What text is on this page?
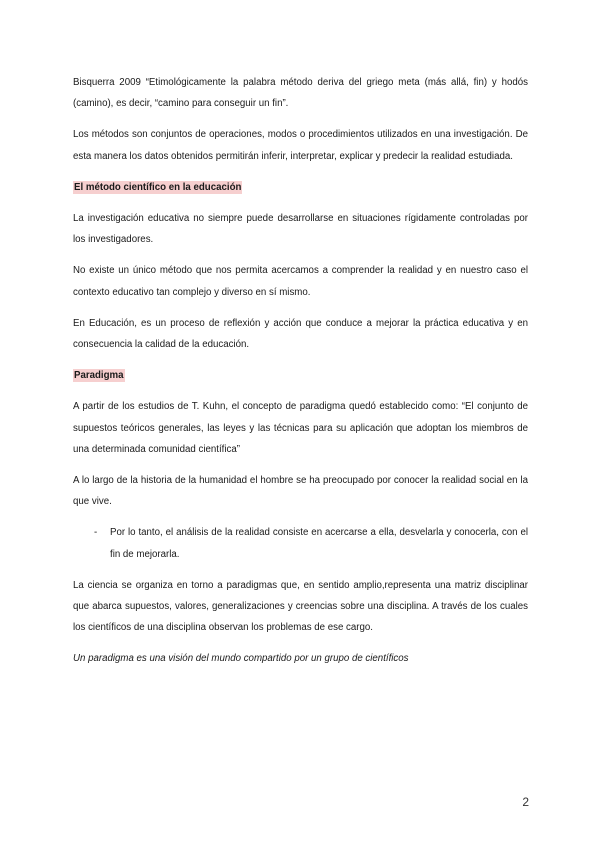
Bisquerra 2009 “Etimológicamente la palabra método deriva del griego meta (más allá, fin) y hodós (camino), es decir, “camino para conseguir un fin”.

Los métodos son conjuntos de operaciones, modos o procedimientos utilizados en una investigación. De esta manera los datos obtenidos permitirán inferir, interpretar, explicar y predecir la realidad estudiada.

El método científico en la educación

La investigación educativa no siempre puede desarrollarse en situaciones rígidamente controladas por los investigadores.

No existe un único método que nos permita acercamos a comprender la realidad y en nuestro caso el contexto educativo tan complejo y diverso en sí mismo.

En Educación, es un proceso de reflexión y acción que conduce a mejorar la práctica educativa y en consecuencia la calidad de la educación.

Paradigma

A partir de los estudios de T. Kuhn, el concepto de paradigma quedó establecido como: “El conjunto de supuestos teóricos generales, las leyes y las técnicas para su aplicación que adoptan los miembros de una determinada comunidad científica”

A lo largo de la historia de la humanidad el hombre se ha preocupado por conocer la realidad social en la que vive.

- Por lo tanto, el análisis de la realidad consiste en acercarse a ella, desvelarla y conocerla, con el fin de mejorarla.

La ciencia se organiza en torno a paradigmas que, en sentido amplio,representa una matriz disciplinar que abarca supuestos, valores, generalizaciones y creencias sobre una disciplina. A través de los cuales los científicos de una disciplina observan los problemas de ese cargo.

Un paradigma es una visión del mundo compartido por un grupo de científicos

2
